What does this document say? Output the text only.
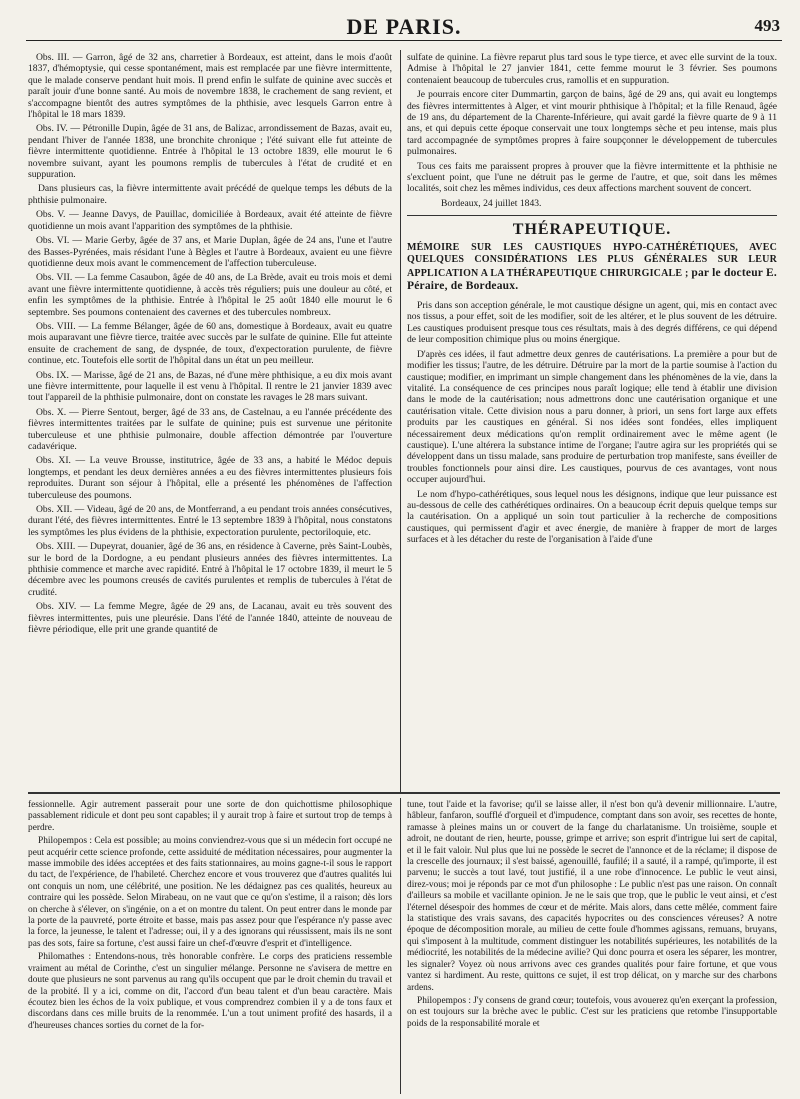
DE PARIS.	493

Obs. III. — Garron, âgé de 32 ans, charretier à Bordeaux, est atteint, dans le mois d'août 1837, d'hémoptysie, qui cesse spontanément, mais est remplacée par une fièvre intermittente, que le malade conserve pendant huit mois. Il prend enfin le sulfate de quinine avec succès et paraît jouir d'une bonne santé. Au mois de novembre 1838, le crachement de sang revient, et s'accompagne bientôt des autres symptômes de la phthisie, avec lesquels Garron entre à l'hôpital le 18 mars 1839.

Obs. IV. — Pétronille Dupin, âgée de 31 ans, de Balizac, arrondissement de Bazas, avait eu, pendant l'hiver de l'année 1838, une bronchite chronique ; l'été suivant elle fut atteinte de fièvre intermittente quotidienne. Entrée à l'hôpital le 13 octobre 1839, elle mourut le 6 novembre suivant, ayant les poumons remplis de tubercules à l'état de crudité et en suppuration.

Dans plusieurs cas, la fièvre intermittente avait précédé de quelque temps les débuts de la phthisie pulmonaire.

Obs. V. — Jeanne Davys, de Pauillac, domiciliée à Bordeaux, avait été atteinte de fièvre quotidienne un mois avant l'apparition des symptômes de la phthisie.

Obs. VI. — Marie Gerby, âgée de 37 ans, et Marie Duplan, âgée de 24 ans, l'une et l'autre des Basses-Pyrénées, mais résidant l'une à Bègles et l'autre à Bordeaux, avaient eu une fièvre quotidienne deux mois avant le commencement de l'affection tuberculeuse.

Obs. VII. — La femme Casaubon, âgée de 40 ans, de La Brède, avait eu trois mois et demi avant une fièvre intermittente quotidienne, à accès très réguliers; puis une douleur au côté, et enfin les symptômes de la phthisie. Entrée à l'hôpital le 25 août 1840 elle mourut le 6 septembre. Ses poumons contenaient des cavernes et des tubercules nombreux.

Obs. VIII. — La femme Bélanger, âgée de 60 ans, domestique à Bordeaux, avait eu quatre mois auparavant une fièvre tierce, traitée avec succès par le sulfate de quinine. Elle fut atteinte ensuite de crachement de sang, de dyspnée, de toux, d'expectoration purulente, de fièvre continue, etc. Toutefois elle sortit de l'hôpital dans un état un peu meilleur.

Obs. IX. — Marisse, âgé de 21 ans, de Bazas, né d'une mère phthisique, a eu dix mois avant une fièvre intermittente, pour laquelle il est venu à l'hôpital. Il rentre le 21 janvier 1839 avec tout l'appareil de la phthisie pulmonaire, dont on constate les ravages le 28 mars suivant.

Obs. X. — Pierre Sentout, berger, âgé de 33 ans, de Castelnau, a eu l'année précédente des fièvres intermittentes traitées par le sulfate de quinine; puis est survenue une péritonite tuberculeuse et une phthisie pulmonaire, double affection démontrée par l'ouverture cadavérique.

Obs. XI. — La veuve Brousse, institutrice, âgée de 33 ans, a habité le Médoc depuis longtemps, et pendant les deux dernières années a eu des fièvres intermittentes plusieurs fois reproduites. Durant son séjour à l'hôpital, elle a présenté les phénomènes de l'affection tuberculeuse des poumons.

Obs. XII. — Videau, âgé de 20 ans, de Montferrand, a eu pendant trois années consécutives, durant l'été, des fièvres intermittentes. Entré le 13 septembre 1839 à l'hôpital, nous constatons les symptômes les plus évidens de la phthisie, expectoration purulente, pectoriloquie, etc.

Obs. XIII. — Dupeyrat, douanier, âgé de 36 ans, en résidence à Caverne, près Saint-Loubès, sur le bord de la Dordogne, a eu pendant plusieurs années des fièvres intermittentes. La phthisie commence et marche avec rapidité. Entré à l'hôpital le 17 octobre 1839, il meurt le 5 décembre avec les poumons creusés de cavités purulentes et remplis de tubercules à l'état de crudité.

Obs. XIV. — La femme Megre, âgée de 29 ans, de Lacanau, avait eu très souvent des fièvres intermittentes, puis une pleurésie. Dans l'été de l'année 1840, atteinte de nouveau de fièvre périodique, elle prit une grande quantité de

sulfate de quinine. La fièvre reparut plus tard sous le type tierce, et avec elle survint de la toux. Admise à l'hôpital le 27 janvier 1841, cette femme mourut le 3 février. Ses poumons contenaient beaucoup de tubercules crus, ramollis et en suppuration.

Je pourrais encore citer Dummartin, garçon de bains, âgé de 29 ans, qui avait eu longtemps des fièvres intermittentes à Alger, et vint mourir phthisique à l'hôpital; et la fille Renaud, âgée de 19 ans, du département de la Charente-Inférieure, qui avait gardé la fièvre quarte de 9 à 11 ans, et qui depuis cette époque conservait une toux longtemps sèche et peu intense, mais plus tard accompagnée de symptômes propres à faire soupçonner le développement de tubercules pulmonaires.

Tous ces faits me paraissent propres à prouver que la fièvre intermittente et la phthisie ne s'excluent point, que l'une ne détruit pas le germe de l'autre, et que, soit dans les mêmes localités, soit chez les mêmes individus, ces deux affections marchent souvent de concert.

Bordeaux, 24 juillet 1843.

THÉRAPEUTIQUE.
MÉMOIRE SUR LES CAUSTIQUES HYPO-CATHÉRÉTIQUES, AVEC QUELQUES CONSIDÉRATIONS LES PLUS GÉNÉRALES SUR LEUR APPLICATION A LA THÉRAPEUTIQUE CHIRURGICALE ; par le docteur E. Péraire, de Bordeaux.

Pris dans son acception générale, le mot caustique désigne un agent, qui, mis en contact avec nos tissus, a pour effet, soit de les modifier, soit de les altérer, et le plus souvent de les détruire. Les caustiques produisent presque tous ces résultats, mais à des degrés différens, ce qui dépend de leur composition chimique plus ou moins énergique.

D'après ces idées, il faut admettre deux genres de cautérisations. La première a pour but de modifier les tissus; l'autre, de les détruire. Détruire par la mort de la partie soumise à l'action du caustique; modifier, en imprimant un simple changement dans les phénomènes de la vie, dans la vitalité. La conséquence de ces principes nous paraît logique; elle tend à établir une division dans le mode de la cautérisation; nous admettrons donc une cautérisation organique et une cautérisation vitale. Cette division nous a paru donner, à priori, un sens fort large aux effets produits par les caustiques en général. Si nos idées sont fondées, elles impliquent nécessairement deux médications qu'on remplit ordinairement avec le même agent (le caustique). L'une altérera la substance intime de l'organe; l'autre agira sur les propriétés qui se développent dans un tissu malade, sans produire de perturbation trop manifeste, sans éveiller de troubles fonctionnels pour ainsi dire. Les caustiques, pourvus de ces avantages, vont nous occuper aujourd'hui.

Le nom d'hypo-cathérétiques, sous lequel nous les désignons, indique que leur puissance est au-dessous de celle des cathérétiques ordinaires. On a beaucoup écrit depuis quelque temps sur la cautérisation. On a appliqué un soin tout particulier à la recherche de compositions caustiques, qui permissent d'agir et avec énergie, de manière à frapper de mort de larges surfaces et à les détacher du reste de l'organisation à l'aide d'une

fessionnelle. Agir autrement passerait pour une sorte de don quichottisme philosophique passablement ridicule et dont peu sont capables; il y aurait trop à faire et surtout trop de temps à perdre.

Philopempos : Cela est possible; au moins conviendrez-vous que si un médecin fort occupé ne peut acquérir cette science profonde, cette assiduité de méditation nécessaires, pour augmenter la masse immobile des idées acceptées et des faits stationnaires, au moins gagne-t-il sous le rapport du tact, de l'expérience, de l'habileté. Cherchez encore et vous trouverez que d'autres qualités lui ont conquis un nom, une célébrité, une position. Ne les dédaignez pas ces qualités, heureux au contraire qui les possède. Selon Mirabeau, on ne vaut que ce qu'on s'estime, il a raison; dès lors on cherche à s'élever, on s'ingénie, on a et on montre du talent. On peut entrer dans le monde par la porte de la pauvreté, porte étroite et basse, mais pas assez pour que l'espérance n'y passe avec la force, la jeunesse, le talent et l'adresse; oui, il y a des ignorans qui réussissent, mais ils ne sont pas des sots, faire sa fortune, c'est aussi faire un chef-d'œuvre d'esprit et d'intelligence.

Philomathes : Entendons-nous, très honorable confrère. Le corps des praticiens ressemble vraiment au métal de Corinthe, c'est un singulier mélange. Personne ne s'avisera de mettre en doute que plusieurs ne sont parvenus au rang qu'ils occupent que par le droit chemin du travail et de la probité. Il y a ici, comme on dit, l'accord d'un beau talent et d'un beau caractère. Mais écoutez bien les échos de la voix publique, et vous comprendrez combien il y a de tons faux et discordans dans ces mille bruits de la renommée. L'un a tout uniment profité des hasards, il a d'heureuses chances sorties du cornet de la for-

tune, tout l'aide et la favorise; qu'il se laisse aller, il n'est bon qu'à devenir millionnaire. L'autre, hâbleur, fanfaron, soufflé d'orgueil et d'impudence, comptant dans son avoir, ses recettes de honte, ramasse à pleines mains un or couvert de la fange du charlatanisme. Un troisième, souple et adroit, ne doutant de rien, heurte, pousse, grimpe et arrive; son esprit d'intrigue lui sert de capital, et il le fait valoir. Nul plus que lui ne possède le secret de l'annonce et de la réclame; il dispose de la crescelle des journaux; il s'est baissé, agenouillé, faufilé; il a sauté, il a rampé, qu'importe, il est parvenu; le succès a tout lavé, tout justifié, il a une robe d'innocence. Le public le veut ainsi, direz-vous; moi je réponds par ce mot d'un philosophe : Le public n'est pas une raison. On connaît d'ailleurs sa mobile et vacillante opinion. Je ne le sais que trop, que le public le veut ainsi, et c'est l'éternel désespoir des hommes de cœur et de mérite. Mais alors, dans cette mêlée, comment faire la statistique des vrais savans, des capacités hypocrites ou des consciences véreuses? A notre époque de décomposition morale, au milieu de cette foule d'hommes agissans, remuans, bruyans, qui s'imposent à la multitude, comment distinguer les notabilités supérieures, les notabilités de la médiocrité, les notabilités de la médecine avilie? Qui donc pourra et osera les séparer, les montrer, les signaler? Voyez où nous arrivons avec ces grandes qualités pour faire fortune, et que vous vantez si hardiment. Au reste, quittons ce sujet, il est trop délicat, on y marche sur des charbons ardens.

Philopempos : J'y consens de grand cœur; toutefois, vous avouerez qu'en exerçant la profession, on est toujours sur la brèche avec le public. C'est sur les praticiens que retombe l'insupportable poids de la responsabilité morale et
